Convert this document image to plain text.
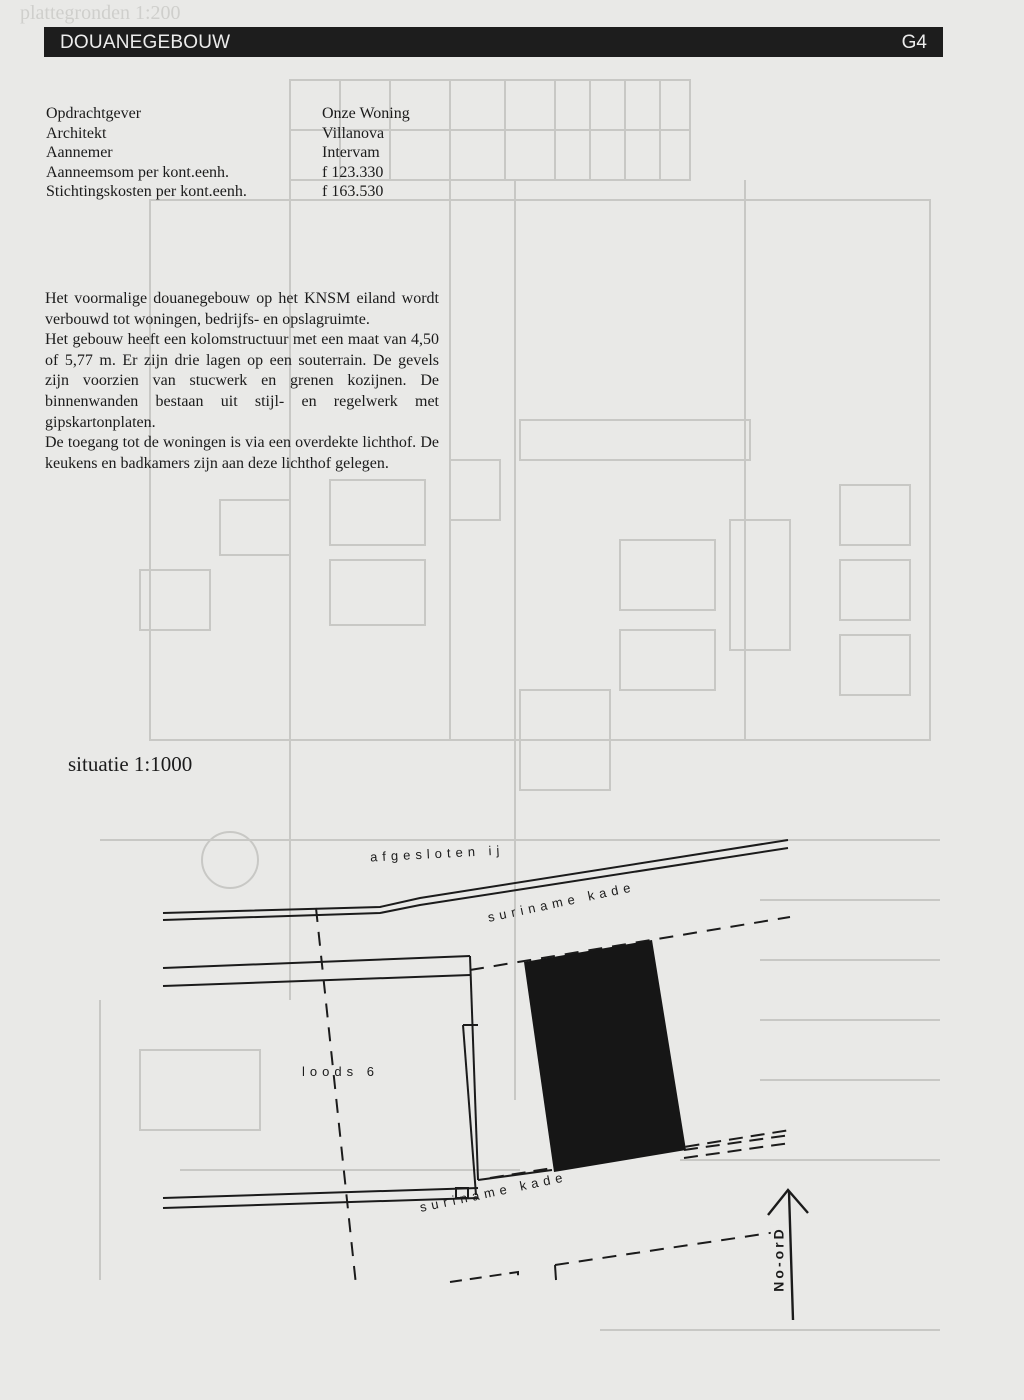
plattegronden 1:200
DOUANEGEBOUW	G4
Opdrachtgever	Onze Woning
Architekt	Villanova
Aannemer	Intervam
Aanneemsom per kont.eenh.	f 123.330
Stichtingskosten per kont.eenh.	f 163.530

Het voormalige douanegebouw op het KNSM eiland wordt verbouwd tot woningen, bedrijfs- en opslagruimte.

Het gebouw heeft een kolomstructuur met een maat van 4,50 of 5,77 m. Er zijn drie lagen op een souterrain. De gevels zijn voorzien van stucwerk en grenen kozijnen. De binnenwanden bestaan uit stijl- en regelwerk met gipskartonplaten.

De toegang tot de woningen is via een overdekte lichthof. De keukens en badkamers zijn aan deze lichthof gelegen.

situatie 1:1000
afgesloten ij
suriname kade
suriname kade
loods 6
No-orD
